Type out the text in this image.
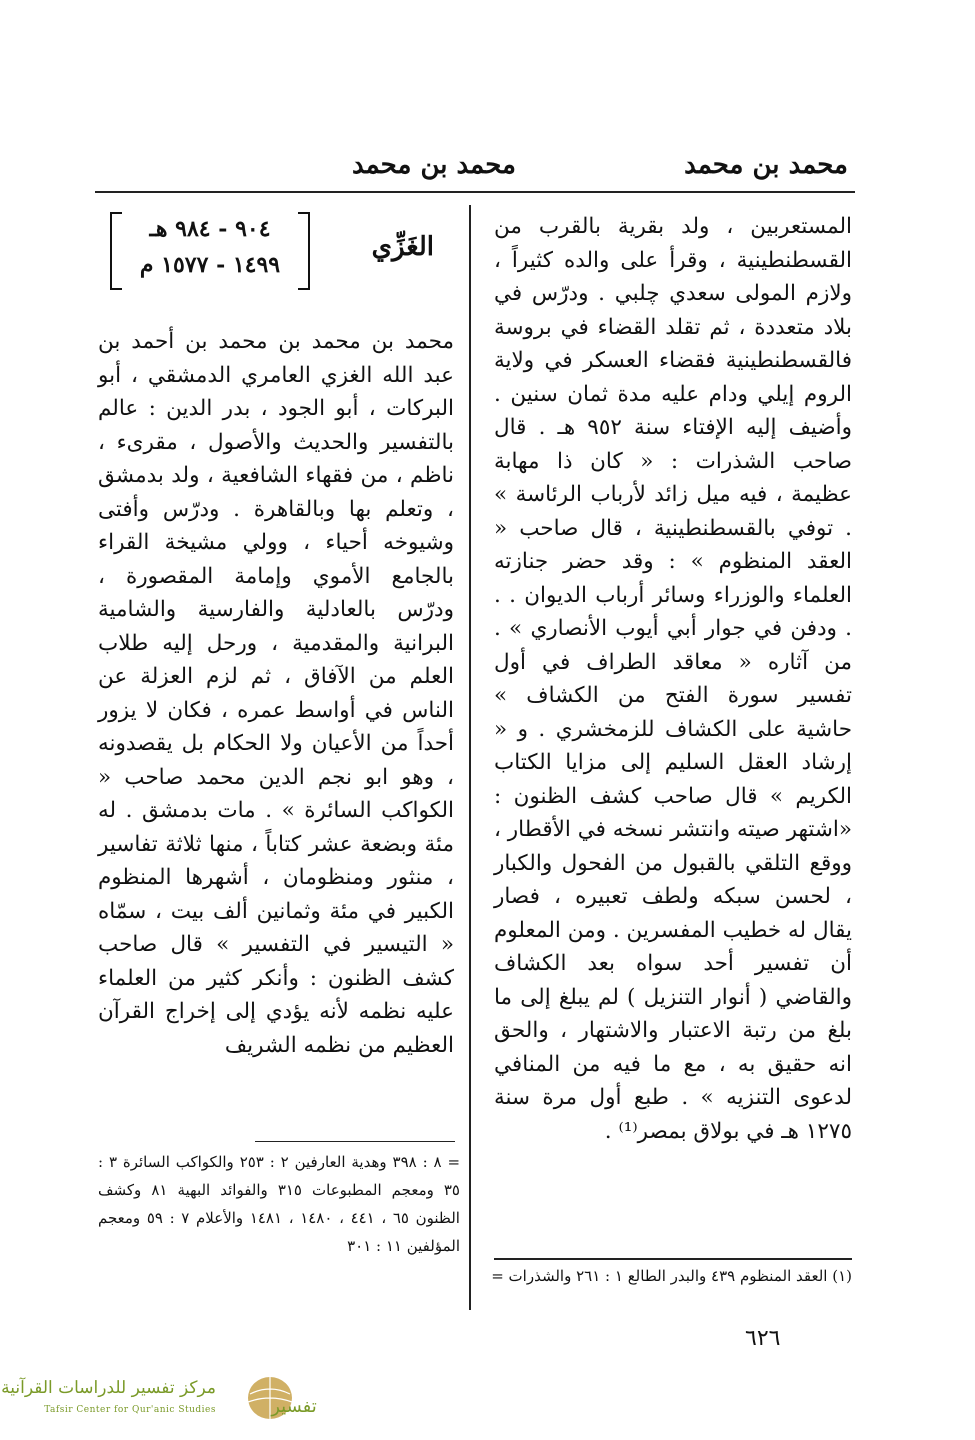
محمد بن محمد
محمد بن محمد

المستعربين ، ولد بقرية بالقرب من القسطنطينية ، وقرأ على والده كثيراً ، ولازم المولى سعدي چلبي . ودرّس في بلاد متعددة ، ثم تقلد القضاء في بروسة فالقسطنطينية فقضاء العسكر في ولاية الروم إيلي ودام عليه مدة ثمان سنين . وأضيف إليه الإفتاء سنة ٩٥٢ هـ . قال صاحب الشذرات : « كان ذا مهابة عظيمة ، فيه ميل زائد لأرباب الرئاسة » . توفي بالقسطنطينية ، قال صاحب « العقد المنظوم » : وقد حضر جنازته العلماء والوزراء وسائر أرباب الديوان . . . ودفن في جوار أبي أيوب الأنصاري » . من آثاره « معاقد الطراف في أول تفسير سورة الفتح من الكشاف » حاشية على الكشاف للزمخشري . و « إرشاد العقل السليم إلى مزايا الكتاب الكريم » قال صاحب كشف الظنون : «اشتهر صيته وانتشر نسخه في الأقطار ، ووقع التلقي بالقبول من الفحول والكبار ، لحسن سبكه ولطف تعبيره ، فصار يقال له خطيب المفسرين . ومن المعلوم أن تفسير أحد سواه بعد الكشاف والقاضي ( أنوار التنزيل ) لم يبلغ إلى ما بلغ من رتبة الاعتبار والاشتهار ، والحق انه حقيق به ، مع ما فيه من المنافي لدعوى التنزيه » . طبع أول مرة سنة ١٢٧٥ هـ في بولاق بمصر⁽¹⁾ .

الغَزِّي
٩٠٤ - ٩٨٤ هـ
١٤٩٩ - ١٥٧٧ م

محمد بن محمد بن محمد بن أحمد بن عبد الله الغزي العامري الدمشقي ، أبو البركات ، أبو الجود ، بدر الدين : عالم بالتفسير والحديث والأصول ، مقرىء ، ناظم ، من فقهاء الشافعية ، ولد بدمشق ، وتعلم بها وبالقاهرة . ودرّس وأفتى وشيوخه أحياء ، وولي مشيخة القراء بالجامع الأموي وإمامة المقصورة ، ودرّس بالعادلية والفارسية والشامية البرانية والمقدمية ، ورحل إليه طلاب العلم من الآفاق ، ثم لزم العزلة عن الناس في أواسط عمره ، فكان لا يزور أحداً من الأعيان ولا الحكام بل يقصدونه ، وهو ابو نجم الدين محمد صاحب « الكواكب السائرة » . مات بدمشق . له مئة وبضعة عشر كتاباً ، منها ثلاثة تفاسير ، منثور ومنظومان ، أشهرها المنظوم الكبير في مئة وثمانين ألف بيت ، سمّاه « التيسير في التفسير » قال صاحب كشف الظنون : وأنكر كثير من العلماء عليه نظمه لأنه يؤدي إلى إخراج القرآن العظيم من نظمه الشريف

= ٨ : ٣٩٨ وهدية العارفين ٢ : ٢٥٣ والكواكب السائرة ٣ : ٣٥ ومعجم المطبوعات ٣١٥ والفوائد البهية ٨١ وكشف الظنون ٦٥ ، ٤٤١ ، ١٤٨٠ ، ١٤٨١ والأعلام ٧ : ٥٩ ومعجم المؤلفين ١١ : ٣٠١
(١) العقد المنظوم ٤٣٩ والبدر الطالع ١ : ٢٦١ والشذرات =
٦٢٦
تفسير
مركز تفسير للدراسات القرآنية
Tafsir Center for Qur'anic Studies
